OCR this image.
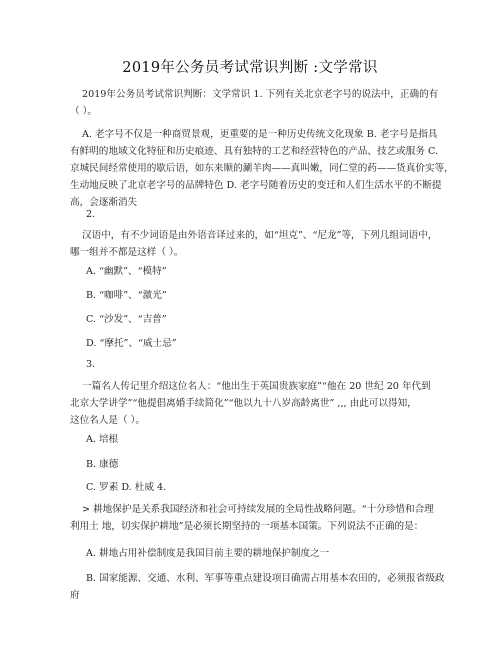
2019年公务员考试常识判断 :文学常识
2019年公务员考试常识判断：文学常识 1. 下列有关北京老字号的说法中，正确的有
（ ）。
A. 老字号不仅是一种商贸景观，更重要的是一种历史传统文化现象 B. 老字号是指具
有鲜明的地域文化特征和历史痕迹、具有独特的工艺和经营特色的产品、技艺或服务 C.
京城民间经常使用的歇后语，如东来顺的涮羊肉——真叫嫩，同仁堂的药——货真价实等，
生动地反映了北京老字号的品牌特色 D. 老字号随着历史的变迁和人们生活水平的不断提
高，会逐渐消失
2.
汉语中，有不少词语是由外语音译过来的，如“坦克”、“尼龙”等，下列几组词语中，
哪一组并不都是这样（ ）。
A. “幽默”、“模特”
B. “咖啡”、“激光”
C. “沙发”、“吉普”
D. “摩托”、“威士忌”
3.
一篇名人传记里介绍这位名人：“他出生于英国贵族家庭”“他在 20 世纪 20 年代到
北京大学讲学”“他提倡离婚手续简化”“他以九十八岁高龄离世” ,,, 由此可以得知，
这位名人是（ ）。
A. 培根
B. 康德
C. 罗素 D. 杜威 4.
> 耕地保护是关系我国经济和社会可持续发展的全局性战略问题。“十分珍惜和合理
利用土 地，切实保护耕地”是必须长期坚持的一项基本国策。下列说法不正确的是：
A. 耕地占用补偿制度是我国目前主要的耕地保护制度之一
B. 国家能源、交通、水利、军事等重点建设项目确需占用基本农田的，必须报省级政
府
